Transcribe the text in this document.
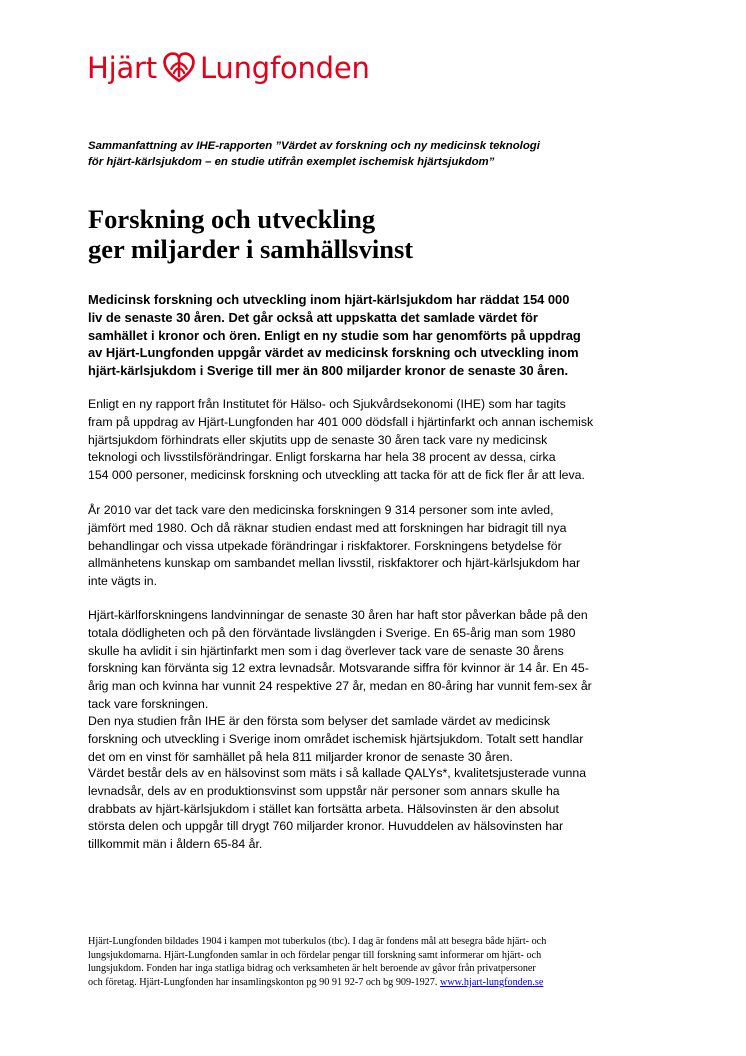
Hjärt Lungfonden
Sammanfattning av IHE-rapporten ”Värdet av forskning och ny medicinsk teknologi
för hjärt-kärlsjukdom – en studie utifrån exemplet ischemisk hjärtsjukdom”
Forskning och utveckling
ger miljarder i samhällsvinst
Medicinsk forskning och utveckling inom hjärt-kärlsjukdom har räddat 154 000
liv de senaste 30 åren. Det går också att uppskatta det samlade värdet för
samhället i kronor och ören. Enligt en ny studie som har genomförts på uppdrag
av Hjärt-Lungfonden uppgår värdet av medicinsk forskning och utveckling inom
hjärt-kärlsjukdom i Sverige till mer än 800 miljarder kronor de senaste 30 åren.
Enligt en ny rapport från Institutet för Hälso- och Sjukvårdsekonomi (IHE) som har tagits
fram på uppdrag av Hjärt-Lungfonden har 401 000 dödsfall i hjärtinfarkt och annan ischemisk
hjärtsjukdom förhindrats eller skjutits upp de senaste 30 åren tack vare ny medicinsk
teknologi och livsstilsförändringar. Enligt forskarna har hela 38 procent av dessa, cirka
154 000 personer, medicinsk forskning och utveckling att tacka för att de fick fler år att leva.
År 2010 var det tack vare den medicinska forskningen 9 314 personer som inte avled,
jämfört med 1980. Och då räknar studien endast med att forskningen har bidragit till nya
behandlingar och vissa utpekade förändringar i riskfaktorer. Forskningens betydelse för
allmänhetens kunskap om sambandet mellan livsstil, riskfaktorer och hjärt-kärlsjukdom har
inte vägts in.
Hjärt-kärlforskningens landvinningar de senaste 30 åren har haft stor påverkan både på den
totala dödligheten och på den förväntade livslängden i Sverige. En 65-årig man som 1980
skulle ha avlidit i sin hjärtinfarkt men som i dag överlever tack vare de senaste 30 årens
forskning kan förvänta sig 12 extra levnadsår. Motsvarande siffra för kvinnor är 14 år. En 45-
årig man och kvinna har vunnit 24 respektive 27 år, medan en 80-åring har vunnit fem-sex år
tack vare forskningen.
Den nya studien från IHE är den första som belyser det samlade värdet av medicinsk
forskning och utveckling i Sverige inom området ischemisk hjärtsjukdom. Totalt sett handlar
det om en vinst för samhället på hela 811 miljarder kronor de senaste 30 åren.
Värdet består dels av en hälsovinst som mäts i så kallade QALYs*, kvalitetsjusterade vunna
levnadsår, dels av en produktionsvinst som uppstår när personer som annars skulle ha
drabbats av hjärt-kärlsjukdom i stället kan fortsätta arbeta. Hälsovinsten är den absolut
största delen och uppgår till drygt 760 miljarder kronor. Huvuddelen av hälsovinsten har
tillkommit män i åldern 65-84 år.
Hjärt-Lungfonden bildades 1904 i kampen mot tuberkulos (tbc). I dag är fondens mål att besegra både hjärt- och
lungsjukdomarna. Hjärt-Lungfonden samlar in och fördelar pengar till forskning samt informerar om hjärt- och
lungsjukdom. Fonden har inga statliga bidrag och verksamheten är helt beroende av gåvor från privatpersoner
och företag. Hjärt-Lungfonden har insamlingskonton pg 90 91 92-7 och bg 909-1927. www.hjart-lungfonden.se
